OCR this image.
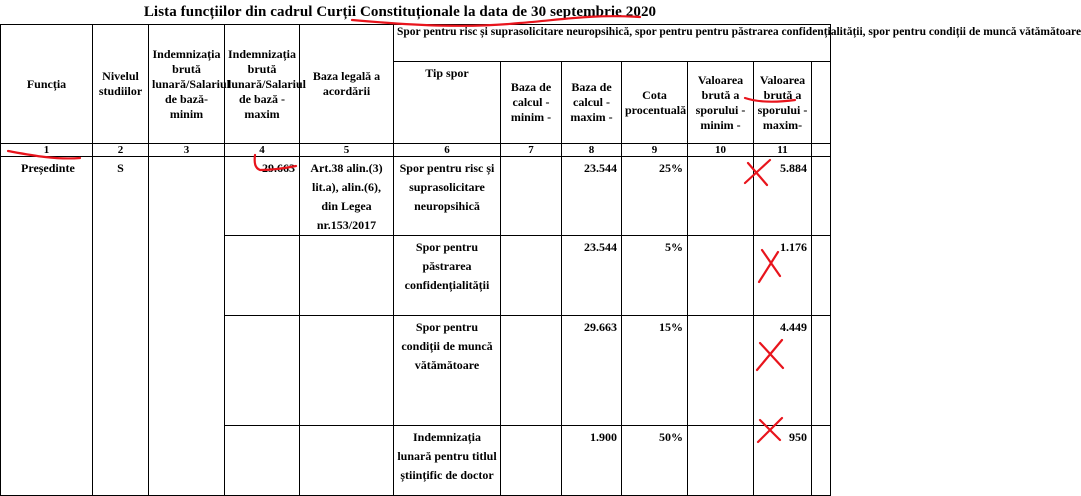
Lista funcțiilor din cadrul Curții Constituționale la data de 30 septembrie 2020
Funcția	Nivelul studiilor	Indemnizația brută lunară/Salariul de bază-minim	Indemnizația brută lunară/Salariul de bază - maxim	Baza legală a acordării	Spor pentru risc și suprasolicitare neuropsihică, spor pentru pentru păstrarea confidențialității, spor pentru condiții de muncă vătămătoare						
					Tip spor	Baza de calcul - minim -	Baza de calcul - maxim -	Cota procentuală	Valoarea brută a sporului - minim -	Valoarea brută a sporului - maxim-	
1	2	3	4	5	6	7	8	9	10	11	
Președinte	S		29.663	Art.38 alin.(3) lit.a), alin.(6), din Legea nr.153/2017	Spor pentru risc și suprasolicitare neuropsihică		23.544	25%		5.884	
					Spor pentru păstrarea confidențialității		23.544	5%		1.176	
					Spor pentru condiții de muncă vătămătoare		29.663	15%		4.449	
					Indemnizația lunară pentru titlul științific de doctor		1.900	50%		950	
